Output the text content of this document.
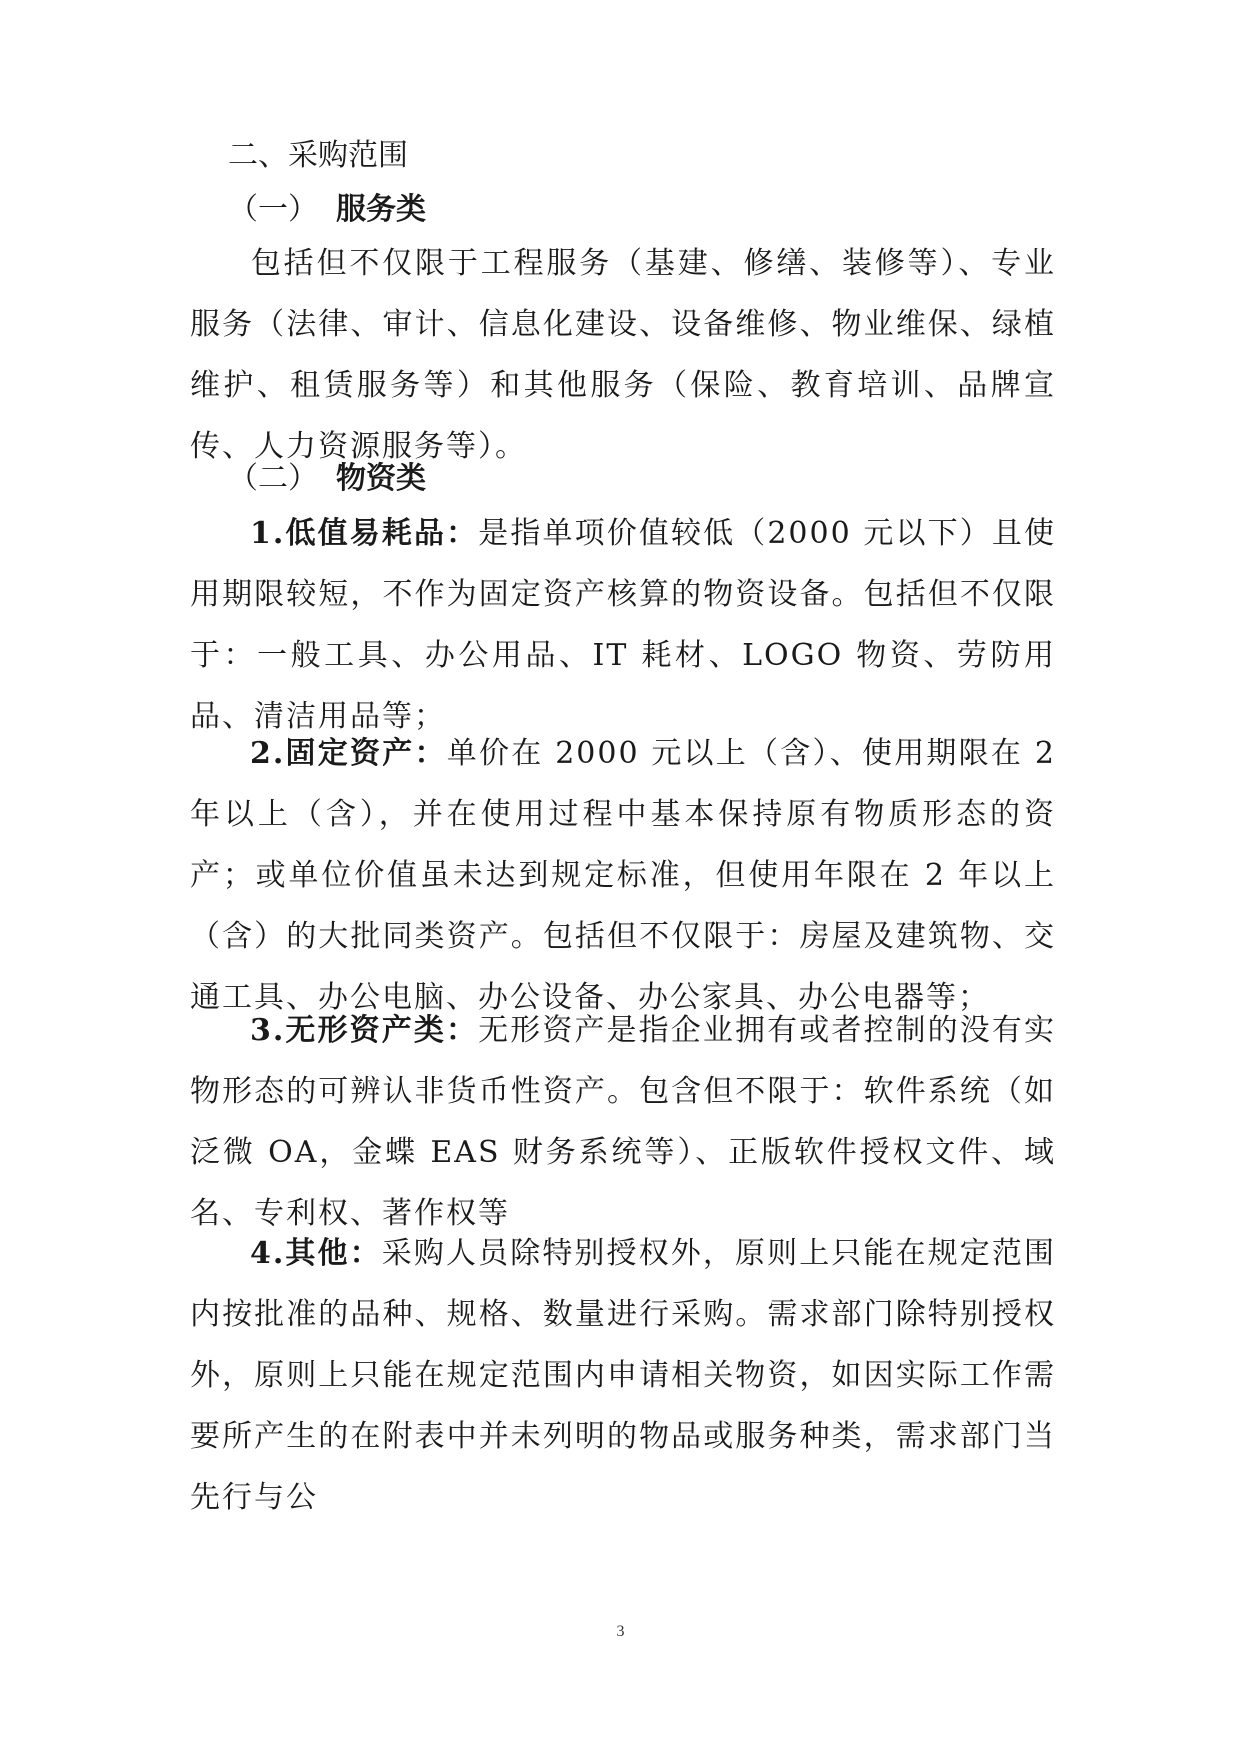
二、采购范围
（一） 服务类
包括但不仅限于工程服务（基建、修缮、装修等）、专业服务（法律、审计、信息化建设、设备维修、物业维保、绿植维护、租赁服务等）和其他服务（保险、教育培训、品牌宣传、人力资源服务等）。
（二） 物资类
1.低值易耗品：是指单项价值较低（2000 元以下）且使用期限较短，不作为固定资产核算的物资设备。包括但不仅限于：一般工具、办公用品、IT 耗材、LOGO 物资、劳防用品、清洁用品等；
2.固定资产：单价在 2000 元以上（含）、使用期限在 2 年以上（含），并在使用过程中基本保持原有物质形态的资产；或单位价值虽未达到规定标准，但使用年限在 2 年以上（含）的大批同类资产。包括但不仅限于：房屋及建筑物、交通工具、办公电脑、办公设备、办公家具、办公电器等；
3.无形资产类：无形资产是指企业拥有或者控制的没有实物形态的可辨认非货币性资产。包含但不限于：软件系统（如泛微 OA，金蝶 EAS 财务系统等）、正版软件授权文件、域名、专利权、著作权等
4.其他：采购人员除特别授权外，原则上只能在规定范围内按批准的品种、规格、数量进行采购。需求部门除特别授权外，原则上只能在规定范围内申请相关物资，如因实际工作需要所产生的在附表中并未列明的物品或服务种类，需求部门当先行与公
3
